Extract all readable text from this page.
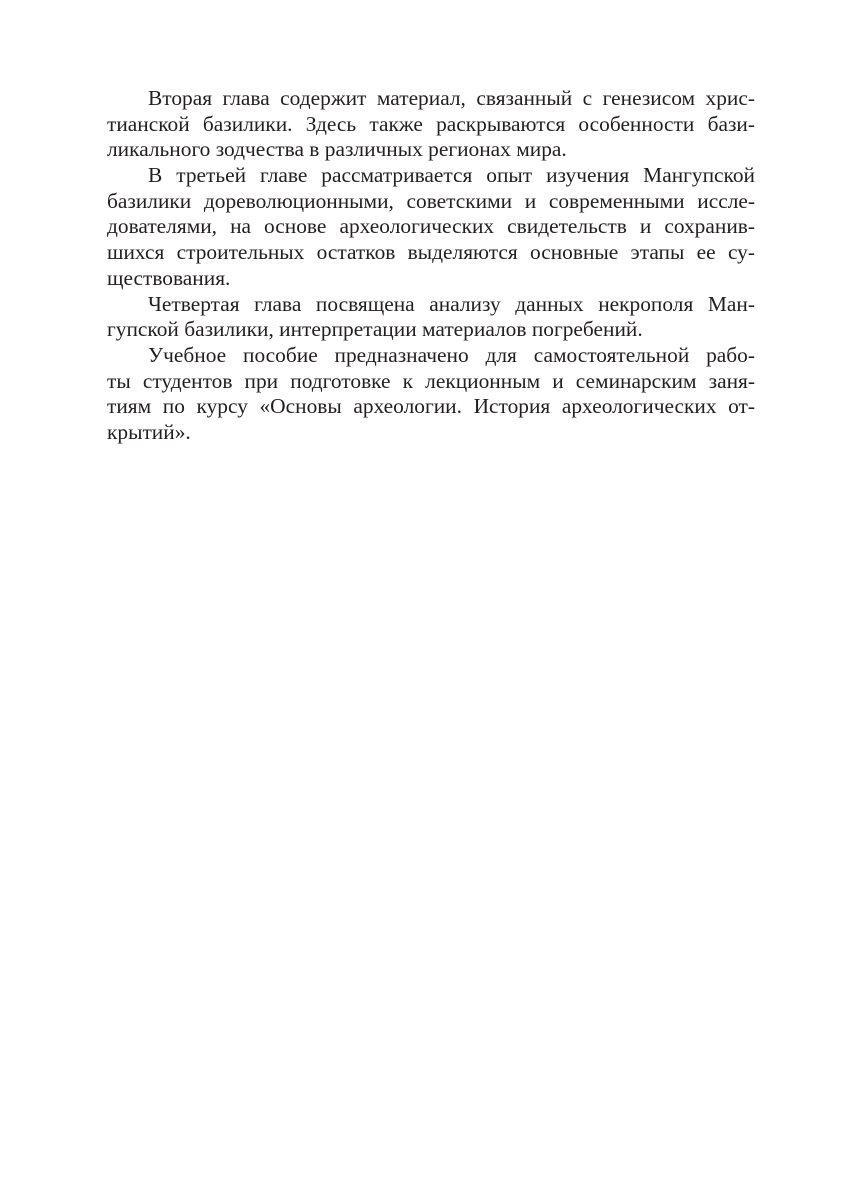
Вторая глава содержит материал, связанный с генезисом хрис-
тианской базилики. Здесь также раскрываются особенности бази-
ликального зодчества в различных регионах мира.
В третьей главе рассматривается опыт изучения Мангупской
базилики дореволюционными, советскими и современными иссле-
дователями, на основе археологических свидетельств и сохранив-
шихся строительных остатков выделяются основные этапы ее су-
ществования.
Четвертая глава посвящена анализу данных некрополя Ман-
гупской базилики, интерпретации материалов погребений.
Учебное пособие предназначено для самостоятельной рабо-
ты студентов при подготовке к лекционным и семинарским заня-
тиям по курсу «Основы археологии. История археологических от-
крытий».
